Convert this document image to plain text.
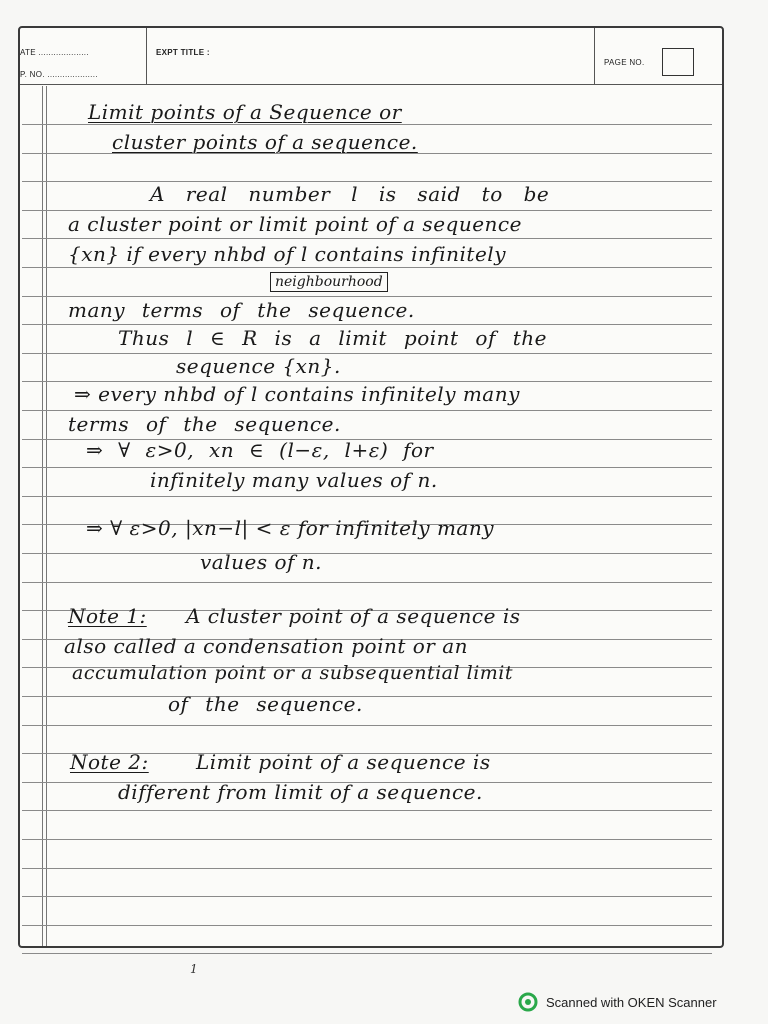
ATE ....................
P. NO. ....................
EXPT TITLE :
PAGE NO.
Limit points of a Sequence or
cluster points of a sequence.
A real number l is said to be
a cluster point or limit point of a sequence
{xn} if every nhbd of l contains infinitely
neighbourhood
many terms of the sequence.
Thus l ∈ R is a limit point of the
sequence {xn}.
⇒ every nhbd of l contains infinitely many
terms of the sequence.
⇒ ∀ ε>0, xn ∈ (l−ε, l+ε) for
infinitely many values of n.
⇒ ∀ ε>0, |xn−l| < ε for infinitely many
values of n.
Note 1: A cluster point of a sequence is
also called a condensation point or an
accumulation point or a subsequential limit
of the sequence.
Note 2: Limit point of a sequence is
different from limit of a sequence.
1
Scanned with OKEN Scanner
